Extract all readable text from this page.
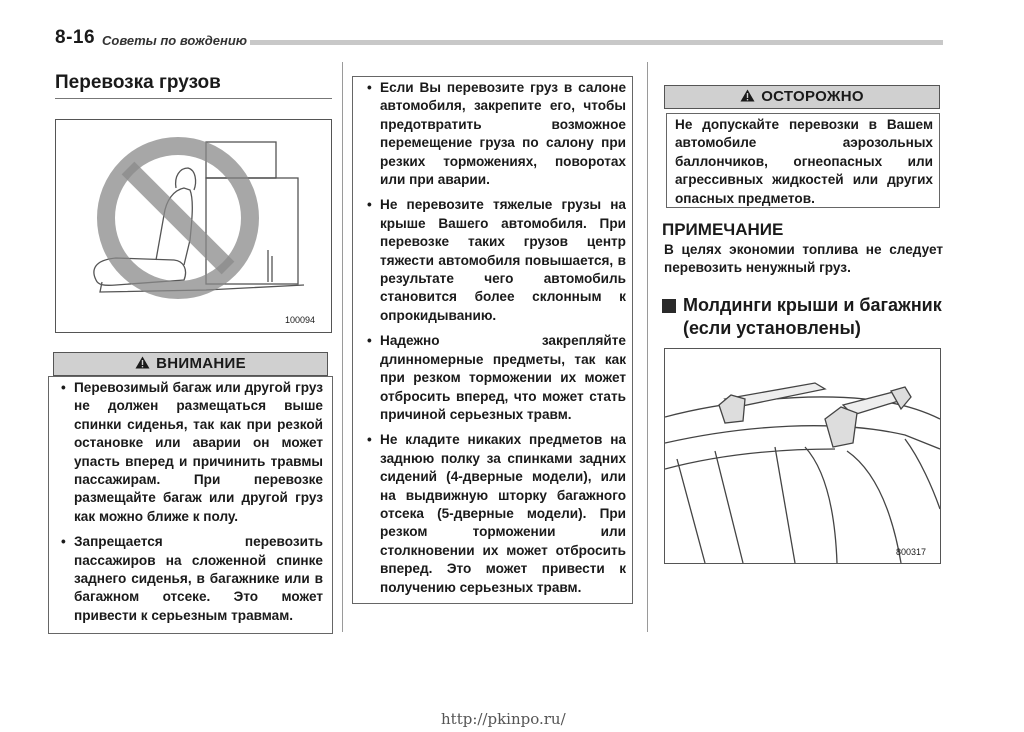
8-16 Советы по вождению
Перевозка грузов
100094
ВНИМАНИЕ
• Перевозимый багаж или другой груз не должен размещаться выше спинки сиденья, так как при резкой остановке или аварии он может упасть вперед и причинить травмы пассажирам. При перевозке размещайте багаж или другой груз как можно ближе к полу.
• Запрещается перевозить пассажиров на сложенной спинке заднего сиденья, в багажнике или в багажном отсеке. Это может привести к серьезным травмам.
• Если Вы перевозите груз в салоне автомобиля, закрепите его, чтобы предотвратить возможное перемещение груза по салону при резких торможениях, поворотах или при аварии.
• Не перевозите тяжелые грузы на крыше Вашего автомобиля. При перевозке таких грузов центр тяжести автомобиля повышается, в результате чего автомобиль становится более склонным к опрокидыванию.
• Надежно закрепляйте длинномерные предметы, так как при резком торможении их может отбросить вперед, что может стать причиной серьезных травм.
• Не кладите никаких предметов на заднюю полку за спинками задних сидений (4-дверные модели), или на выдвижную шторку багажного отсека (5-дверные модели). При резком торможении или столкновении их может отбросить вперед. Это может привести к получению серьезных травм.
ОСТОРОЖНО
Не допускайте перевозки в Вашем автомобиле аэрозольных баллончиков, огнеопасных или агрессивных жидкостей или других опасных предметов.
ПРИМЕЧАНИЕ
В целях экономии топлива не следует перевозить ненужный груз.
Молдинги крыши и багажник (если установлены)
800317
http://pkinpo.ru/
